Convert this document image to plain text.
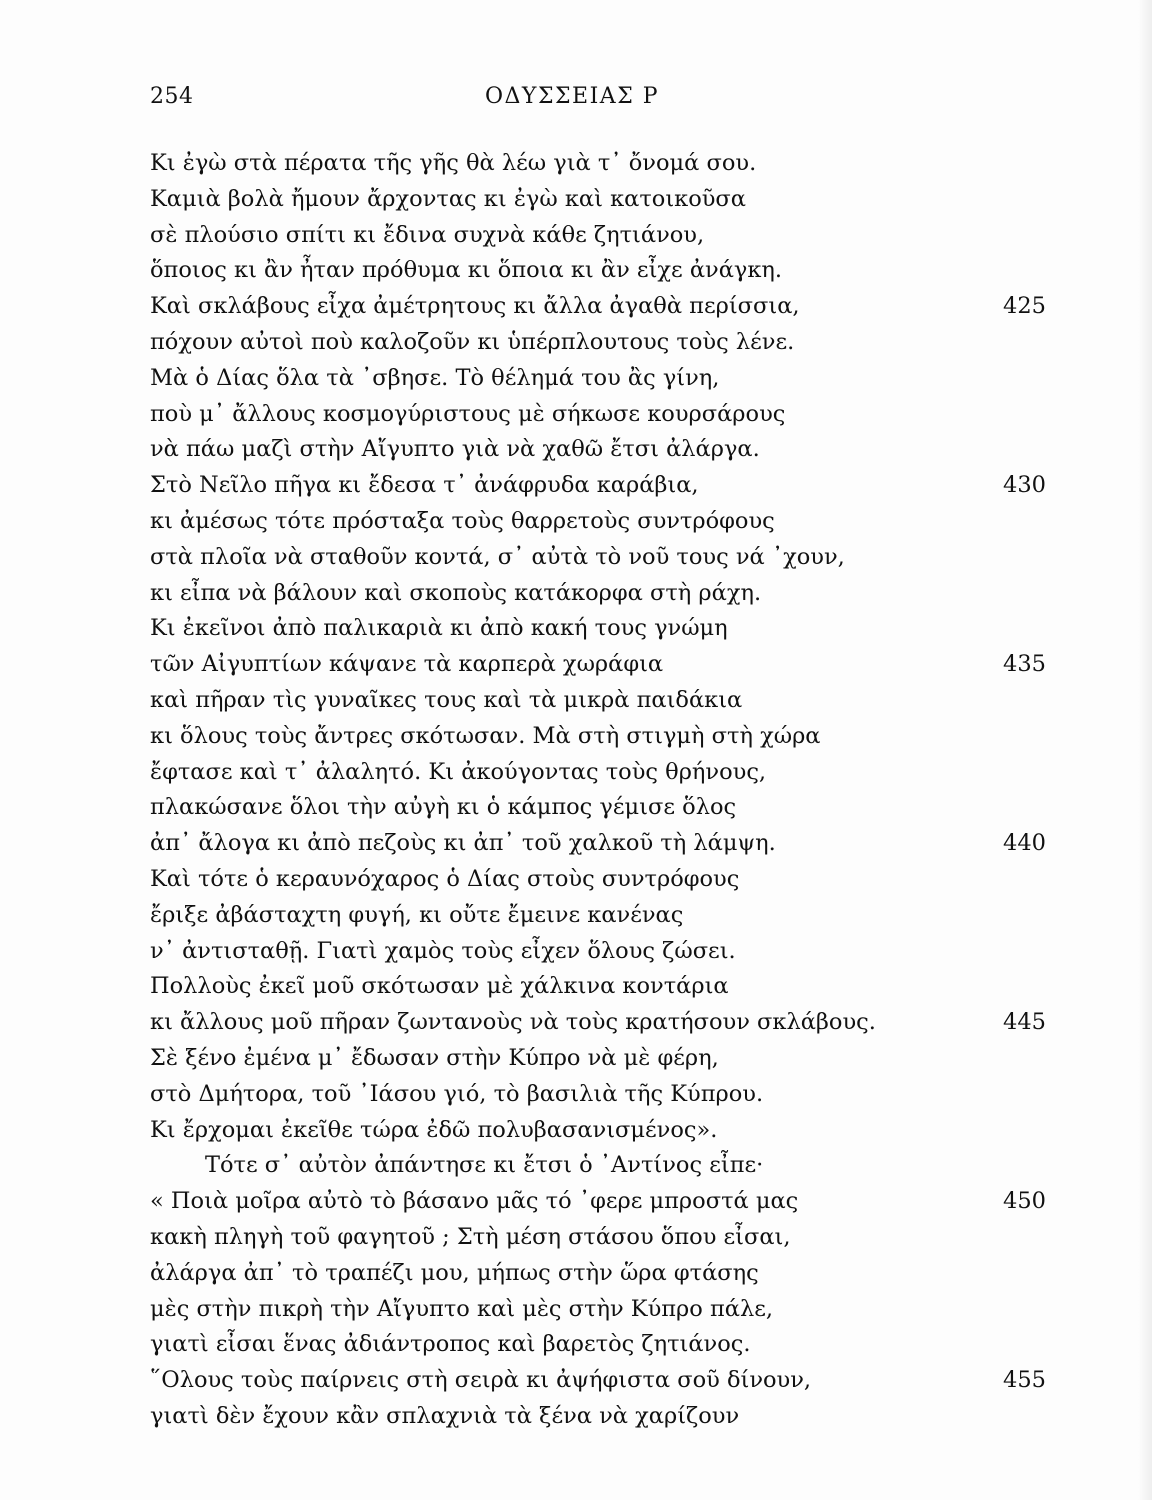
254	ΟΔΥΣΣΕΙΑΣ Ρ
Κι ἐγὼ στὰ πέρατα τῆς γῆς θὰ λέω γιὰ τ᾽ ὄνομά σου.
Καμιὰ βολὰ ἤμουν ἄρχοντας κι ἐγὼ καὶ κατοικοῦσα
σὲ πλούσιο σπίτι κι ἔδινα συχνὰ κάθε ζητιάνου,
ὅποιος κι ἂν ἦταν πρόθυμα κι ὅποια κι ἂν εἶχε ἀνάγκη.
Καὶ σκλάβους εἶχα ἀμέτρητους κι ἄλλα ἀγαθὰ περίσσια,	425
πόχουν αὐτοὶ ποὺ καλοζοῦν κι ὑπέρπλουτους τοὺς λένε.
Μὰ ὁ Δίας ὅλα τὰ ᾽σβησε. Τὸ θέλημά του ἂς γίνη,
ποὺ μ᾽ ἄλλους κοσμογύριστους μὲ σήκωσε κουρσάρους
νὰ πάω μαζὶ στὴν Αἴγυπτο γιὰ νὰ χαθῶ ἔτσι ἀλάργα.
Στὸ Νεῖλο πῆγα κι ἔδεσα τ᾽ ἀνάφρυδα καράβια,	430
κι ἀμέσως τότε πρόσταξα τοὺς θαρρετοὺς συντρόφους
στὰ πλοῖα νὰ σταθοῦν κοντά, σ᾽ αὐτὰ τὸ νοῦ τους νά ᾽χουν,
κι εἶπα νὰ βάλουν καὶ σκοποὺς κατάκορφα στὴ ράχη.
Κι ἐκεῖνοι ἀπὸ παλικαριὰ κι ἀπὸ κακή τους γνώμη
τῶν Αἰγυπτίων κάψανε τὰ καρπερὰ χωράφια	435
καὶ πῆραν τὶς γυναῖκες τους καὶ τὰ μικρὰ παιδάκια
κι ὅλους τοὺς ἄντρες σκότωσαν. Μὰ στὴ στιγμὴ στὴ χώρα
ἔφτασε καὶ τ᾽ ἀλαλητό. Κι ἀκούγοντας τοὺς θρήνους,
πλακώσανε ὅλοι τὴν αὐγὴ κι ὁ κάμπος γέμισε ὅλος
ἀπ᾽ ἄλογα κι ἀπὸ πεζοὺς κι ἀπ᾽ τοῦ χαλκοῦ τὴ λάμψη.	440
Καὶ τότε ὁ κεραυνόχαρος ὁ Δίας στοὺς συντρόφους
ἔριξε ἀβάσταχτη φυγή, κι οὔτε ἔμεινε κανένας
ν᾽ ἀντισταθῇ. Γιατὶ χαμὸς τοὺς εἶχεν ὅλους ζώσει.
Πολλοὺς ἐκεῖ μοῦ σκότωσαν μὲ χάλκινα κοντάρια
κι ἄλλους μοῦ πῆραν ζωντανοὺς νὰ τοὺς κρατήσουν σκλάβους.	445
Σὲ ξένο ἐμένα μ᾽ ἔδωσαν στὴν Κύπρο νὰ μὲ φέρη,
στὸ Δμήτορα, τοῦ ᾽Ιάσου γιό, τὸ βασιλιὰ τῆς Κύπρου.
Κι ἔρχομαι ἐκεῖθε τώρα ἐδῶ πολυβασανισμένος».
Τότε σ᾽ αὐτὸν ἀπάντησε κι ἔτσι ὁ ᾽Αντίνος εἶπε·
« Ποιὰ μοῖρα αὐτὸ τὸ βάσανο μᾶς τό ᾽φερε μπροστά μας	450
κακὴ πληγὴ τοῦ φαγητοῦ ; Στὴ μέση στάσου ὅπου εἶσαι,
ἀλάργα ἀπ᾽ τὸ τραπέζι μου, μήπως στὴν ὥρα φτάσης
μὲς στὴν πικρὴ τὴν Αἴγυπτο καὶ μὲς στὴν Κύπρο πάλε,
γιατὶ εἶσαι ἕνας ἀδιάντροπος καὶ βαρετὸς ζητιάνος.
῞Ολους τοὺς παίρνεις στὴ σειρὰ κι ἀψήφιστα σοῦ δίνουν,	455
γιατὶ δὲν ἔχουν κἂν σπλαχνιὰ τὰ ξένα νὰ χαρίζουν
